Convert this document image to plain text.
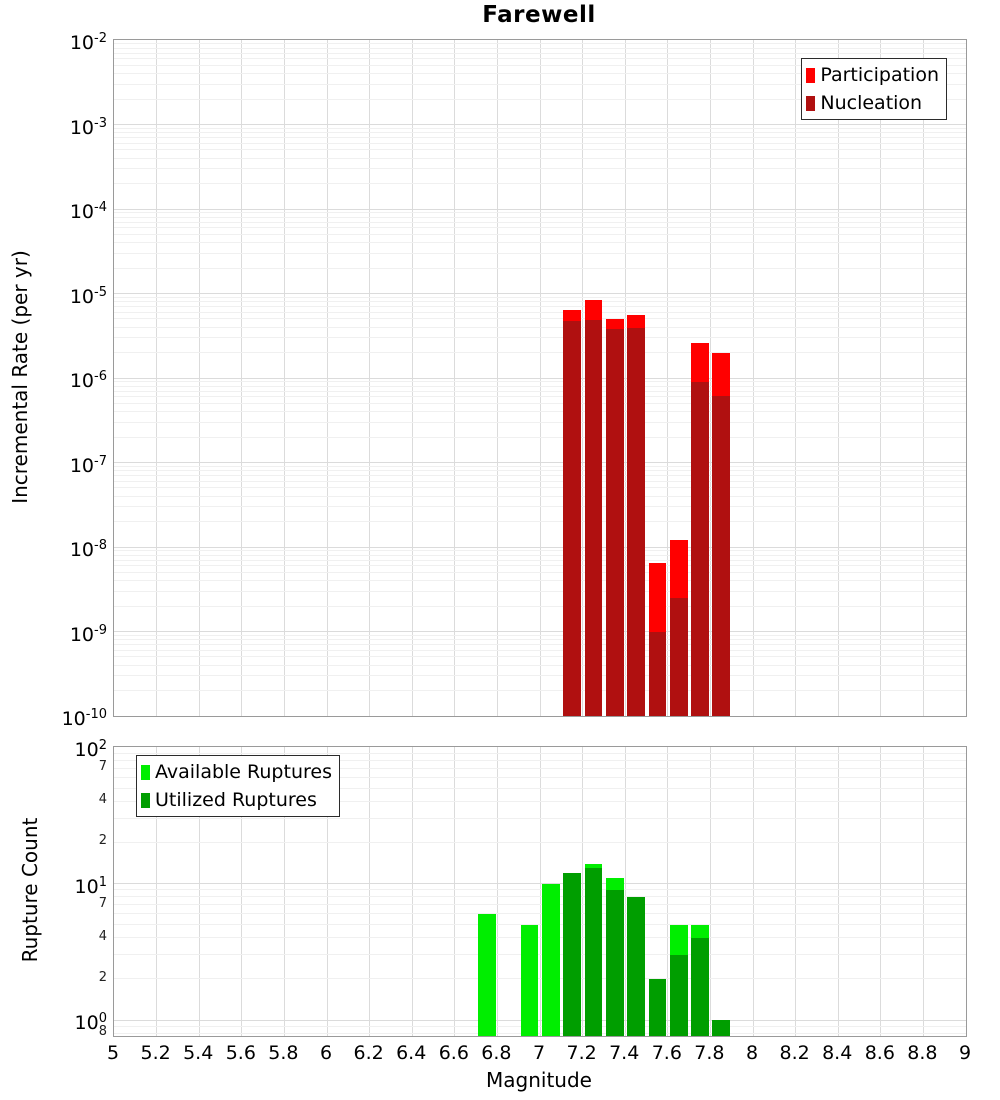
Farewell
Incremental Rate (per yr)
Rupture Count
Participation
Nucleation
Available Ruptures
Utilized Ruptures
Magnitude
$10^{-2}$
$10^{-3}$
$10^{-4}$
$10^{-5}$
$10^{-6}$
$10^{-7}$
$10^{-8}$
$10^{-9}$
$10^{-10}$
$10^2$
$10^1$
$10^0$
7
4
2
7
4
2
8
5	5.2 5.4 5.6 5.8	6	6.2 6.4 6.6 6.8	7	7.2 7.4 7.6 7.8	8	8.2 8.4 8.6 8.8	9
